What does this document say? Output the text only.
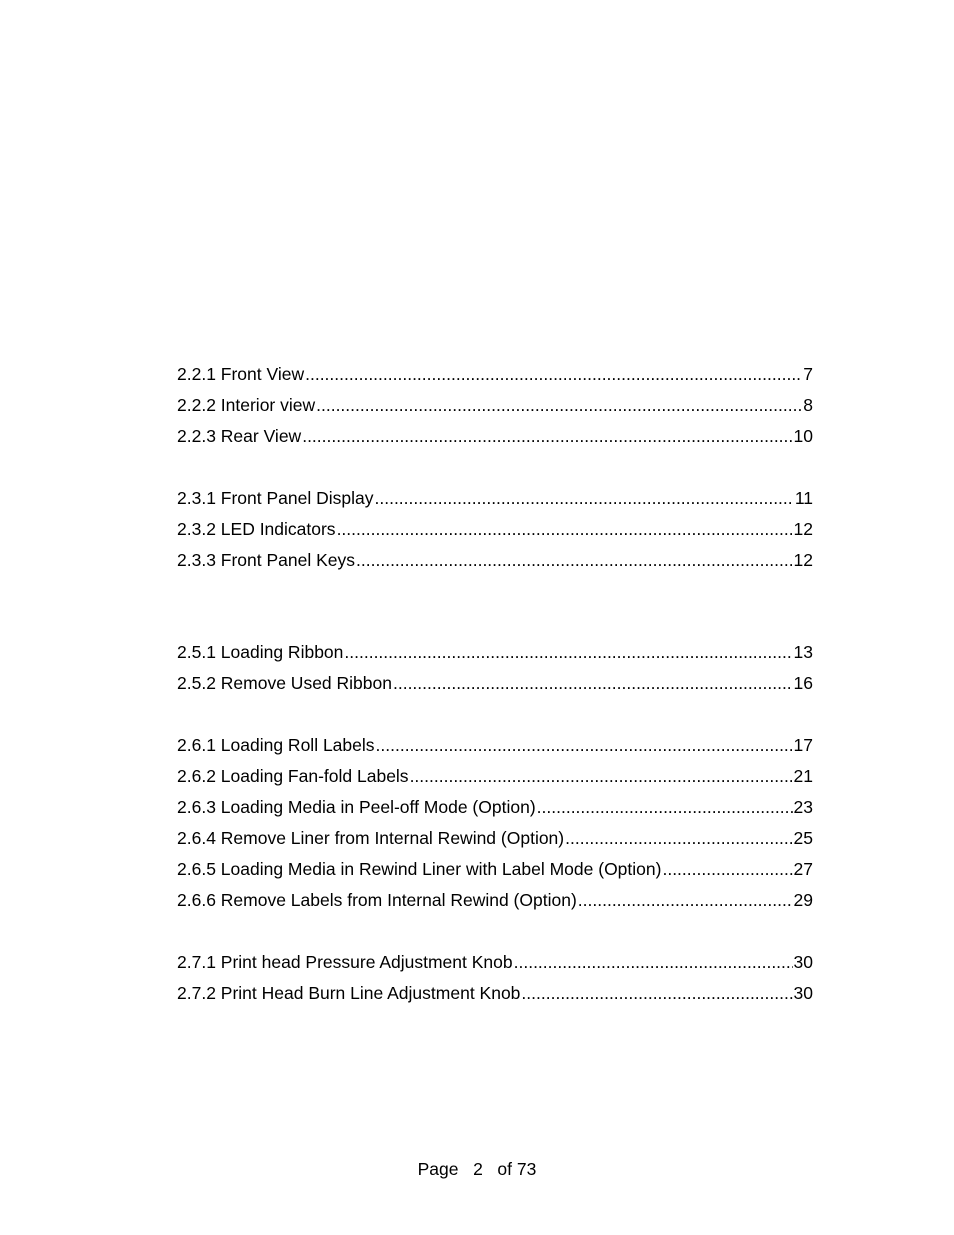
2.2.1 Front View .....	7
2.2.2 Interior view .....	8
2.2.3 Rear View .....	10
2.3.1 Front Panel Display .....	11
2.3.2 LED Indicators .....	12
2.3.3 Front Panel Keys .....	12
2.5.1 Loading Ribbon .....	13
2.5.2 Remove Used Ribbon .....	16
2.6.1 Loading Roll Labels .....	17
2.6.2 Loading Fan-fold Labels .....	21
2.6.3 Loading Media in Peel-off Mode (Option) .....	23
2.6.4 Remove Liner from Internal Rewind (Option) .....	25
2.6.5 Loading Media in Rewind Liner with Label Mode (Option) .....	27
2.6.6 Remove Labels from Internal Rewind (Option) .....	29
2.7.1 Print head Pressure Adjustment Knob .....	30
2.7.2 Print Head Burn Line Adjustment Knob .....	30
Page 2 of 73
